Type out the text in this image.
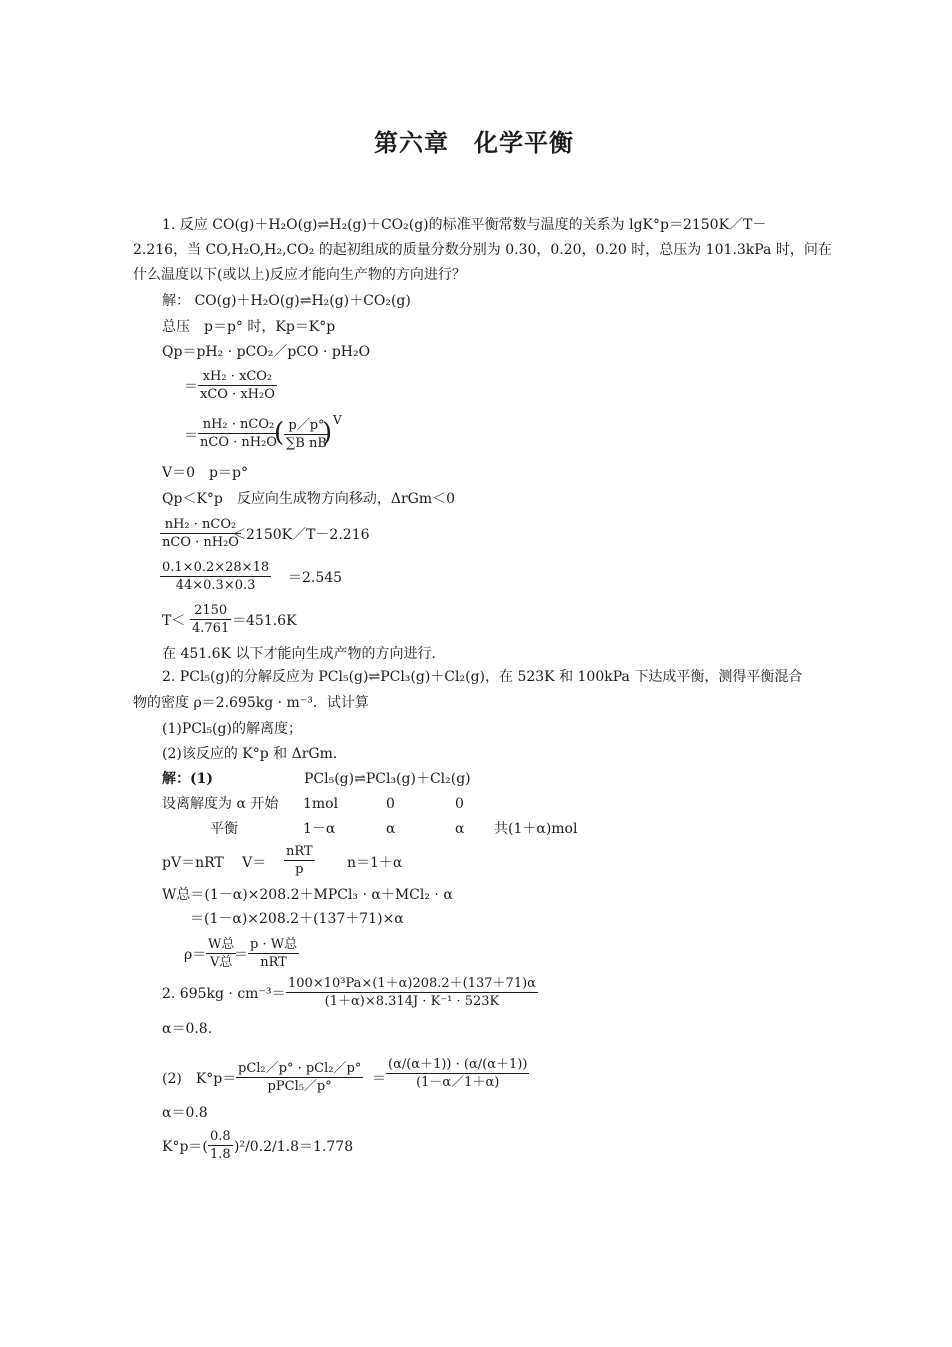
第六章　化学平衡
1. 反应 CO(g)＋H₂O(g)⇌H₂(g)＋CO₂(g)的标准平衡常数与温度的关系为 lgK°p＝2150K／T－
2.216，当 CO,H₂O,H₂,CO₂ 的起初组成的质量分数分别为 0.30，0.20，0.20 时，总压为 101.3kPa 时，问在
什么温度以下(或以上)反应才能向生产物的方向进行？
解： CO(g)＋H₂O(g)⇌H₂(g)＋CO₂(g)
总压　p＝p° 时，Kp＝K°p
Qp＝pH₂ · pCO₂／pCO · pH₂O
＝
xH₂ · xCO₂
xCO · xH₂O
＝
nH₂ · nCO₂
nCO · nH₂O
( $\frac{p/p^\circ}{\text{∑B nB}}$
) V
V＝0　p＝p°
Qp＜K°p　反应向生成物方向移动，ΔrGm＜0
nH₂ · nCO₂
nCO · nH₂O
＜2150K／T－2.216
$\frac{0.1\times 0.2\times 28\times 18}{44\times 0.3\times 0.3} =2.545$
$T< \frac{2150}{4.761} =451.6K$
在 451.6K 以下才能向生成产物的方向进行．
2. PCl₅(g)的分解反应为 PCl₅(g)⇌PCl₃(g)＋Cl₂(g)，在 523K 和 100kPa 下达成平衡，测得平衡混合
物的密度 ρ＝2.695kg · m⁻³．试计算
(1)PCl₅(g)的解离度；
(2)该反应的 K°p 和 ΔrGm．
解：(1)	PCl₅(g)⇌PCl₃(g)＋Cl₂(g)
设离解度为 α 开始 1mol	0	0
平衡	1－α	α	α 共(1＋α)mol
pV＝nRT　 V＝
nRT
p	n＝1＋α
W总＝(1－α)×208.2＋MPCl₃ · α＋MCl₂ · α
＝(1－α)×208.2＋(137＋71)×α
ρ＝
W总
V总 ＝
p · W总
nRT
2. $695kg \cdot cm^{-3}= \frac{\text{100×10³Pa×(1＋α)208.2＋(137＋71)α}}{\text{(1＋α)×8.314J · K⁻¹ · 523K}}$
α＝0.8.
(2)　K°p＝
pCl₂／p° · pCl₂／p°
pPCl₅／p°	＝ $\frac{(\alpha/(\alpha+1)) \cdot (\alpha/(\alpha+1))}{(1-\alpha/1+\alpha)}$
α＝0.8
$K^\circ p=( \frac{0.8}{1.8} )^2/0.2/1.8=1.778$
